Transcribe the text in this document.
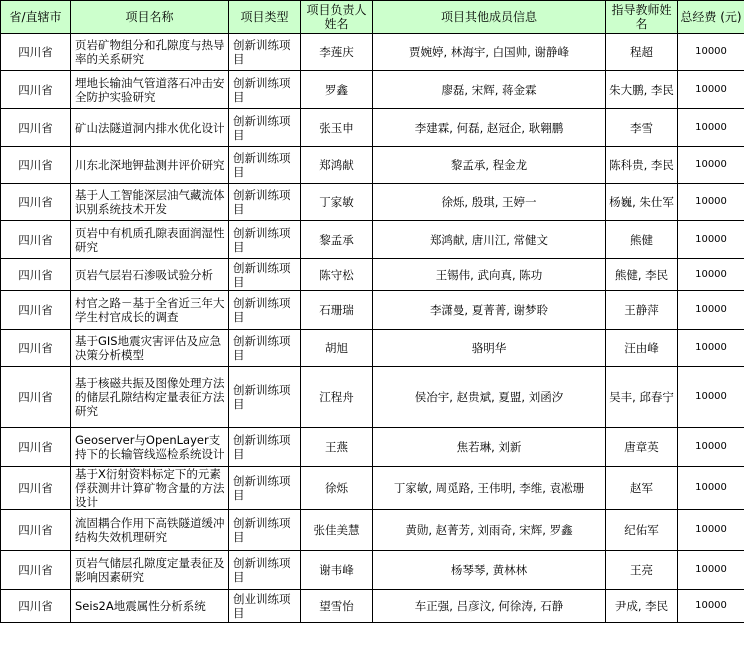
省/直辖市	项目名称	项目类型	项目负责人姓名	项目其他成员信息	指导教师姓名	总经费 (元)
四川省	页岩矿物组分和孔隙度与热导率的关系研究	创新训练项目	李莲庆	贾婉婷, 林海宇, 白国帅, 谢静峰	程超	10000
四川省	埋地长输油气管道落石冲击安全防护实验研究	创新训练项目	罗鑫	廖磊, 宋辉, 蒋金霖	朱大鹏, 李民	10000
四川省	矿山法隧道洞内排水优化设计	创新训练项目	张玉申	李建霖, 何磊, 赵冠企, 耿翱鹏	李雪	10000
四川省	川东北深地钾盐测井评价研究	创新训练项目	郑鸿献	黎孟承, 程金龙	陈科贵, 李民	10000
四川省	基于人工智能深层油气藏流体识别系统技术开发	创新训练项目	丁家敏	徐烁, 殷琪, 王婷一	杨巍, 朱仕军	10000
四川省	页岩中有机质孔隙表面润湿性研究	创新训练项目	黎孟承	郑鸿献, 唐川江, 常健文	熊健	10000
四川省	页岩气层岩石渗吸试验分析	创新训练项目	陈守松	王锡伟, 武向真, 陈功	熊健, 李民	10000
四川省	村官之路－基于全省近三年大学生村官成长的调查	创新训练项目	石珊瑞	李潇曼, 夏菁菁, 谢梦聆	王静萍	10000
四川省	基于GIS地震灾害评估及应急决策分析模型	创新训练项目	胡旭	骆明华	汪由峰	10000
四川省	基于核磁共振及图像处理方法的储层孔隙结构定量表征方法研究	创新训练项目	江程舟	侯冶宇, 赵贵斌, 夏盟, 刘函汐	吴丰, 邱春宁	10000
四川省	Geoserver与OpenLayer支持下的长输管线巡检系统设计	创新训练项目	王燕	焦若琳, 刘新	唐章英	10000
四川省	基于X衍射资料标定下的元素俘获测井计算矿物含量的方法设计	创新训练项目	徐烁	丁家敏, 周觅路, 王伟明, 李维, 袁凇珊	赵军	10000
四川省	流固耦合作用下高铁隧道缓冲结构失效机理研究	创新训练项目	张佳美慧	黄勋, 赵菁芳, 刘雨奇, 宋辉, 罗鑫	纪佑军	10000
四川省	页岩气储层孔隙度定量表征及影响因素研究	创新训练项目	谢韦峰	杨琴琴, 黄林林	王亮	10000
四川省	Seis2A地震属性分析系统	创业训练项目	望雪怡	车正强, 吕彦汶, 何徐涛, 石静	尹成, 李民	10000
